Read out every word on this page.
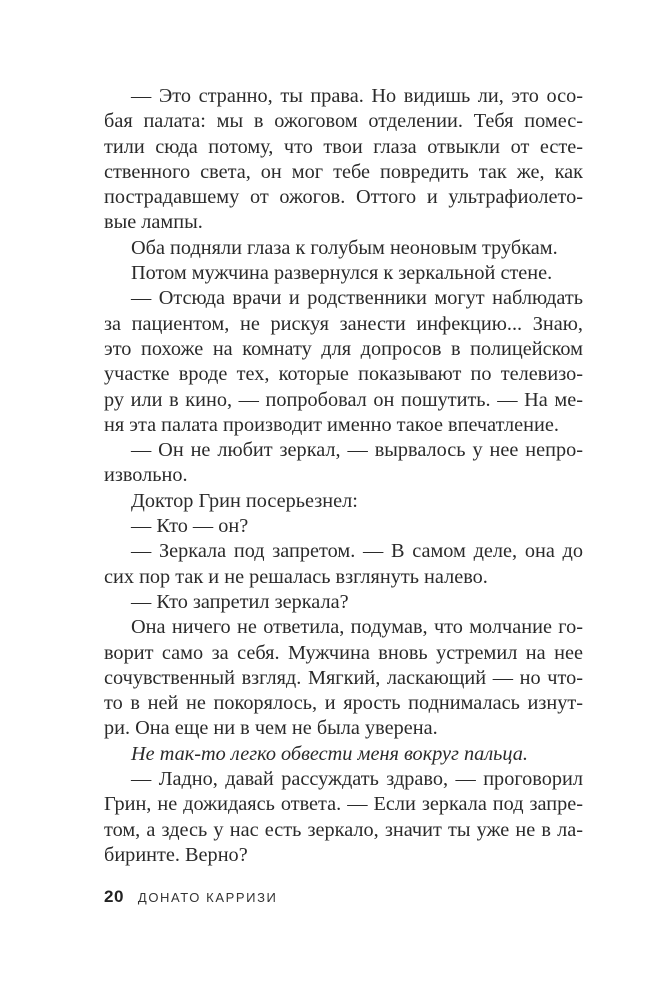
— Это странно, ты права. Но видишь ли, это осо-
бая палата: мы в ожоговом отделении. Тебя помес-
тили сюда потому, что твои глаза отвыкли от есте-
ственного света, он мог тебе повредить так же, как
пострадавшему от ожогов. Оттого и ультрафиолето-
вые лампы.
Оба подняли глаза к голубым неоновым трубкам.
Потом мужчина развернулся к зеркальной стене.
— Отсюда врачи и родственники могут наблюдать
за пациентом, не рискуя занести инфекцию... Знаю,
это похоже на комнату для допросов в полицейском
участке вроде тех, которые показывают по телевизо-
ру или в кино, — попробовал он пошутить. — На ме-
ня эта палата производит именно такое впечатление.
— Он не любит зеркал, — вырвалось у нее непро-
извольно.
Доктор Грин посерьезнел:
— Кто — он?
— Зеркала под запретом. — В самом деле, она до
сих пор так и не решалась взглянуть налево.
— Кто запретил зеркала?
Она ничего не ответила, подумав, что молчание го-
ворит само за себя. Мужчина вновь устремил на нее
сочувственный взгляд. Мягкий, ласкающий — но что-
то в ней не покорялось, и ярость поднималась изнут-
ри. Она еще ни в чем не была уверена.
Не так-то легко обвести меня вокруг пальца.
— Ладно, давай рассуждать здраво, — проговорил
Грин, не дожидаясь ответа. — Если зеркала под запре-
том, а здесь у нас есть зеркало, значит ты уже не в ла-
биринте. Верно?
20 ДОНАТО КАРРИЗИ
